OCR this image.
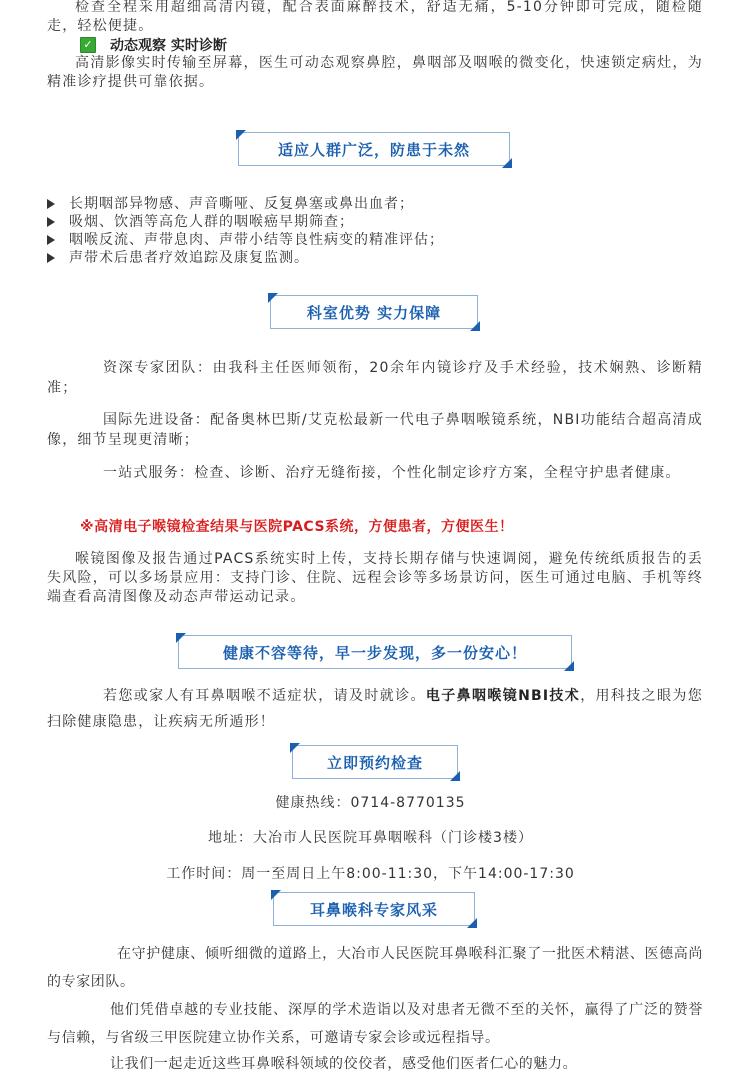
检查全程采用超细高清内镜，配合表面麻醉技术，舒适无痛，5-10分钟即可完成，随检随走，轻松便捷。
✓ 动态观察 实时诊断
高清影像实时传输至屏幕，医生可动态观察鼻腔，鼻咽部及咽喉的微变化，快速锁定病灶，为精准诊疗提供可靠依据。
适应人群广泛，防患于未然
长期咽部异物感、声音嘶哑、反复鼻塞或鼻出血者；
吸烟、饮酒等高危人群的咽喉癌早期筛查；
咽喉反流、声带息肉、声带小结等良性病变的精准评估；
声带术后患者疗效追踪及康复监测。
科室优势 实力保障
资深专家团队：由我科主任医师领衔，20余年内镜诊疗及手术经验，技术娴熟、诊断精准；
国际先进设备：配备奥林巴斯/艾克松最新一代电子鼻咽喉镜系统，NBI功能结合超高清成像，细节呈现更清晰；
一站式服务：检查、诊断、治疗无缝衔接，个性化制定诊疗方案，全程守护患者健康。
※高清电子喉镜检查结果与医院PACS系统，方便患者，方便医生！
喉镜图像及报告通过PACS系统实时上传，支持长期存储与快速调阅，避免传统纸质报告的丢失风险，可以多场景应用：支持门诊、住院、远程会诊等多场景访问，医生可通过电脑、手机等终端查看高清图像及动态声带运动记录。
健康不容等待，早一步发现，多一份安心！
若您或家人有耳鼻咽喉不适症状，请及时就诊。电子鼻咽喉镜NBI技术，用科技之眼为您扫除健康隐患，让疾病无所遁形！
立即预约检查
健康热线：0714-8770135
地址：大冶市人民医院耳鼻咽喉科（门诊楼3楼）
工作时间：周一至周日上午8:00-11:30，下午14:00-17:30
耳鼻喉科专家风采
在守护健康、倾听细微的道路上，大冶市人民医院耳鼻喉科汇聚了一批医术精湛、医德高尚的专家团队。
他们凭借卓越的专业技能、深厚的学术造诣以及对患者无微不至的关怀，赢得了广泛的赞誉与信赖，与省级三甲医院建立协作关系，可邀请专家会诊或远程指导。
让我们一起走近这些耳鼻喉科领域的佼佼者，感受他们医者仁心的魅力。
